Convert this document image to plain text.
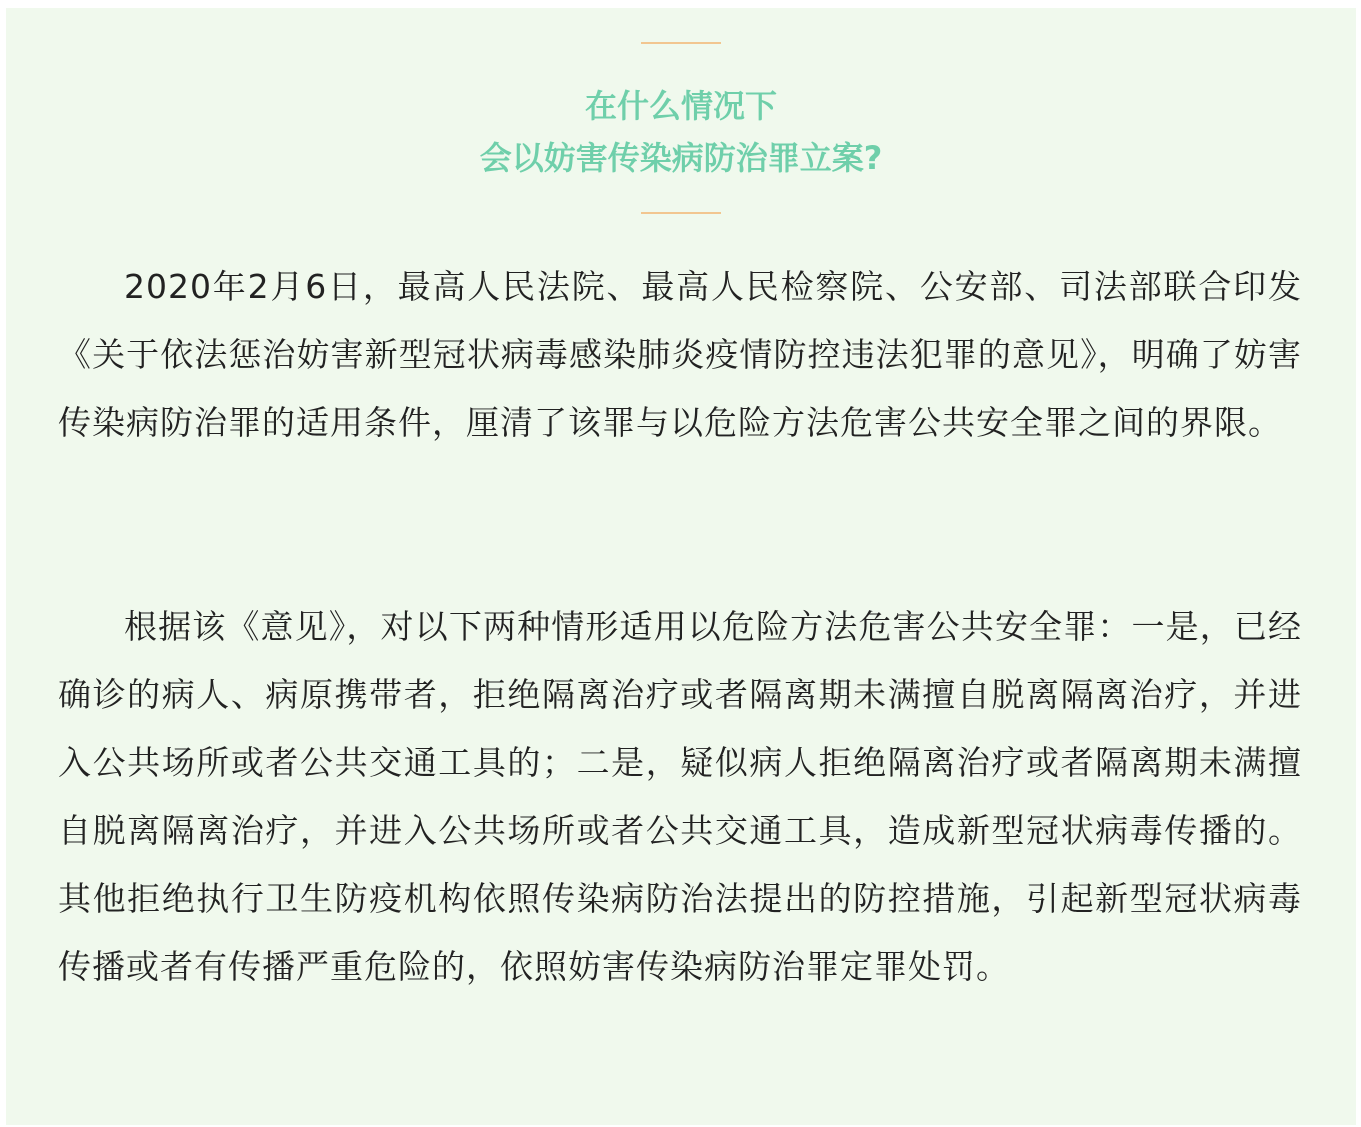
在什么情况下
会以妨害传染病防治罪立案?

2020年2月6日，最高人民法院、最高人民检察院、公安部、司法部联合印发《关于依法惩治妨害新型冠状病毒感染肺炎疫情防控违法犯罪的意见》，明确了妨害传染病防治罪的适用条件，厘清了该罪与以危险方法危害公共安全罪之间的界限。

根据该《意见》，对以下两种情形适用以危险方法危害公共安全罪：一是，已经确诊的病人、病原携带者，拒绝隔离治疗或者隔离期未满擅自脱离隔离治疗，并进入公共场所或者公共交通工具的；二是，疑似病人拒绝隔离治疗或者隔离期未满擅自脱离隔离治疗，并进入公共场所或者公共交通工具，造成新型冠状病毒传播的。其他拒绝执行卫生防疫机构依照传染病防治法提出的防控措施，引起新型冠状病毒传播或者有传播严重危险的，依照妨害传染病防治罪定罪处罚。
